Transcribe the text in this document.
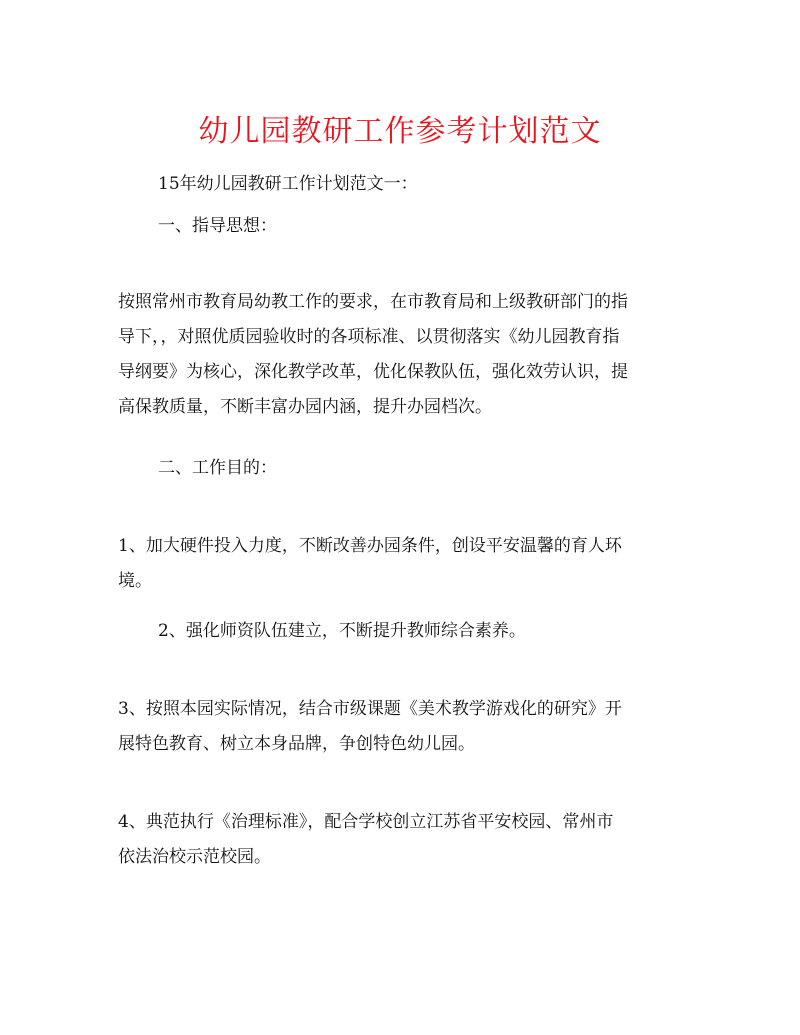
幼儿园教研工作参考计划范文
15年幼儿园教研工作计划范文一：
一、指导思想：
按照常州市教育局幼教工作的要求，在市教育局和上级教研部门的指
导下，，对照优质园验收时的各项标准、以贯彻落实《幼儿园教育指
导纲要》为核心，深化教学改革，优化保教队伍，强化效劳认识，提
高保教质量，不断丰富办园内涵，提升办园档次。
二、工作目的：
1、加大硬件投入力度，不断改善办园条件，创设平安温馨的育人环
境。
2、强化师资队伍建立，不断提升教师综合素养。
3、按照本园实际情况，结合市级课题《美术教学游戏化的研究》开
展特色教育、树立本身品牌，争创特色幼儿园。
4、典范执行《治理标准》，配合学校创立江苏省平安校园、常州市
依法治校示范校园。
